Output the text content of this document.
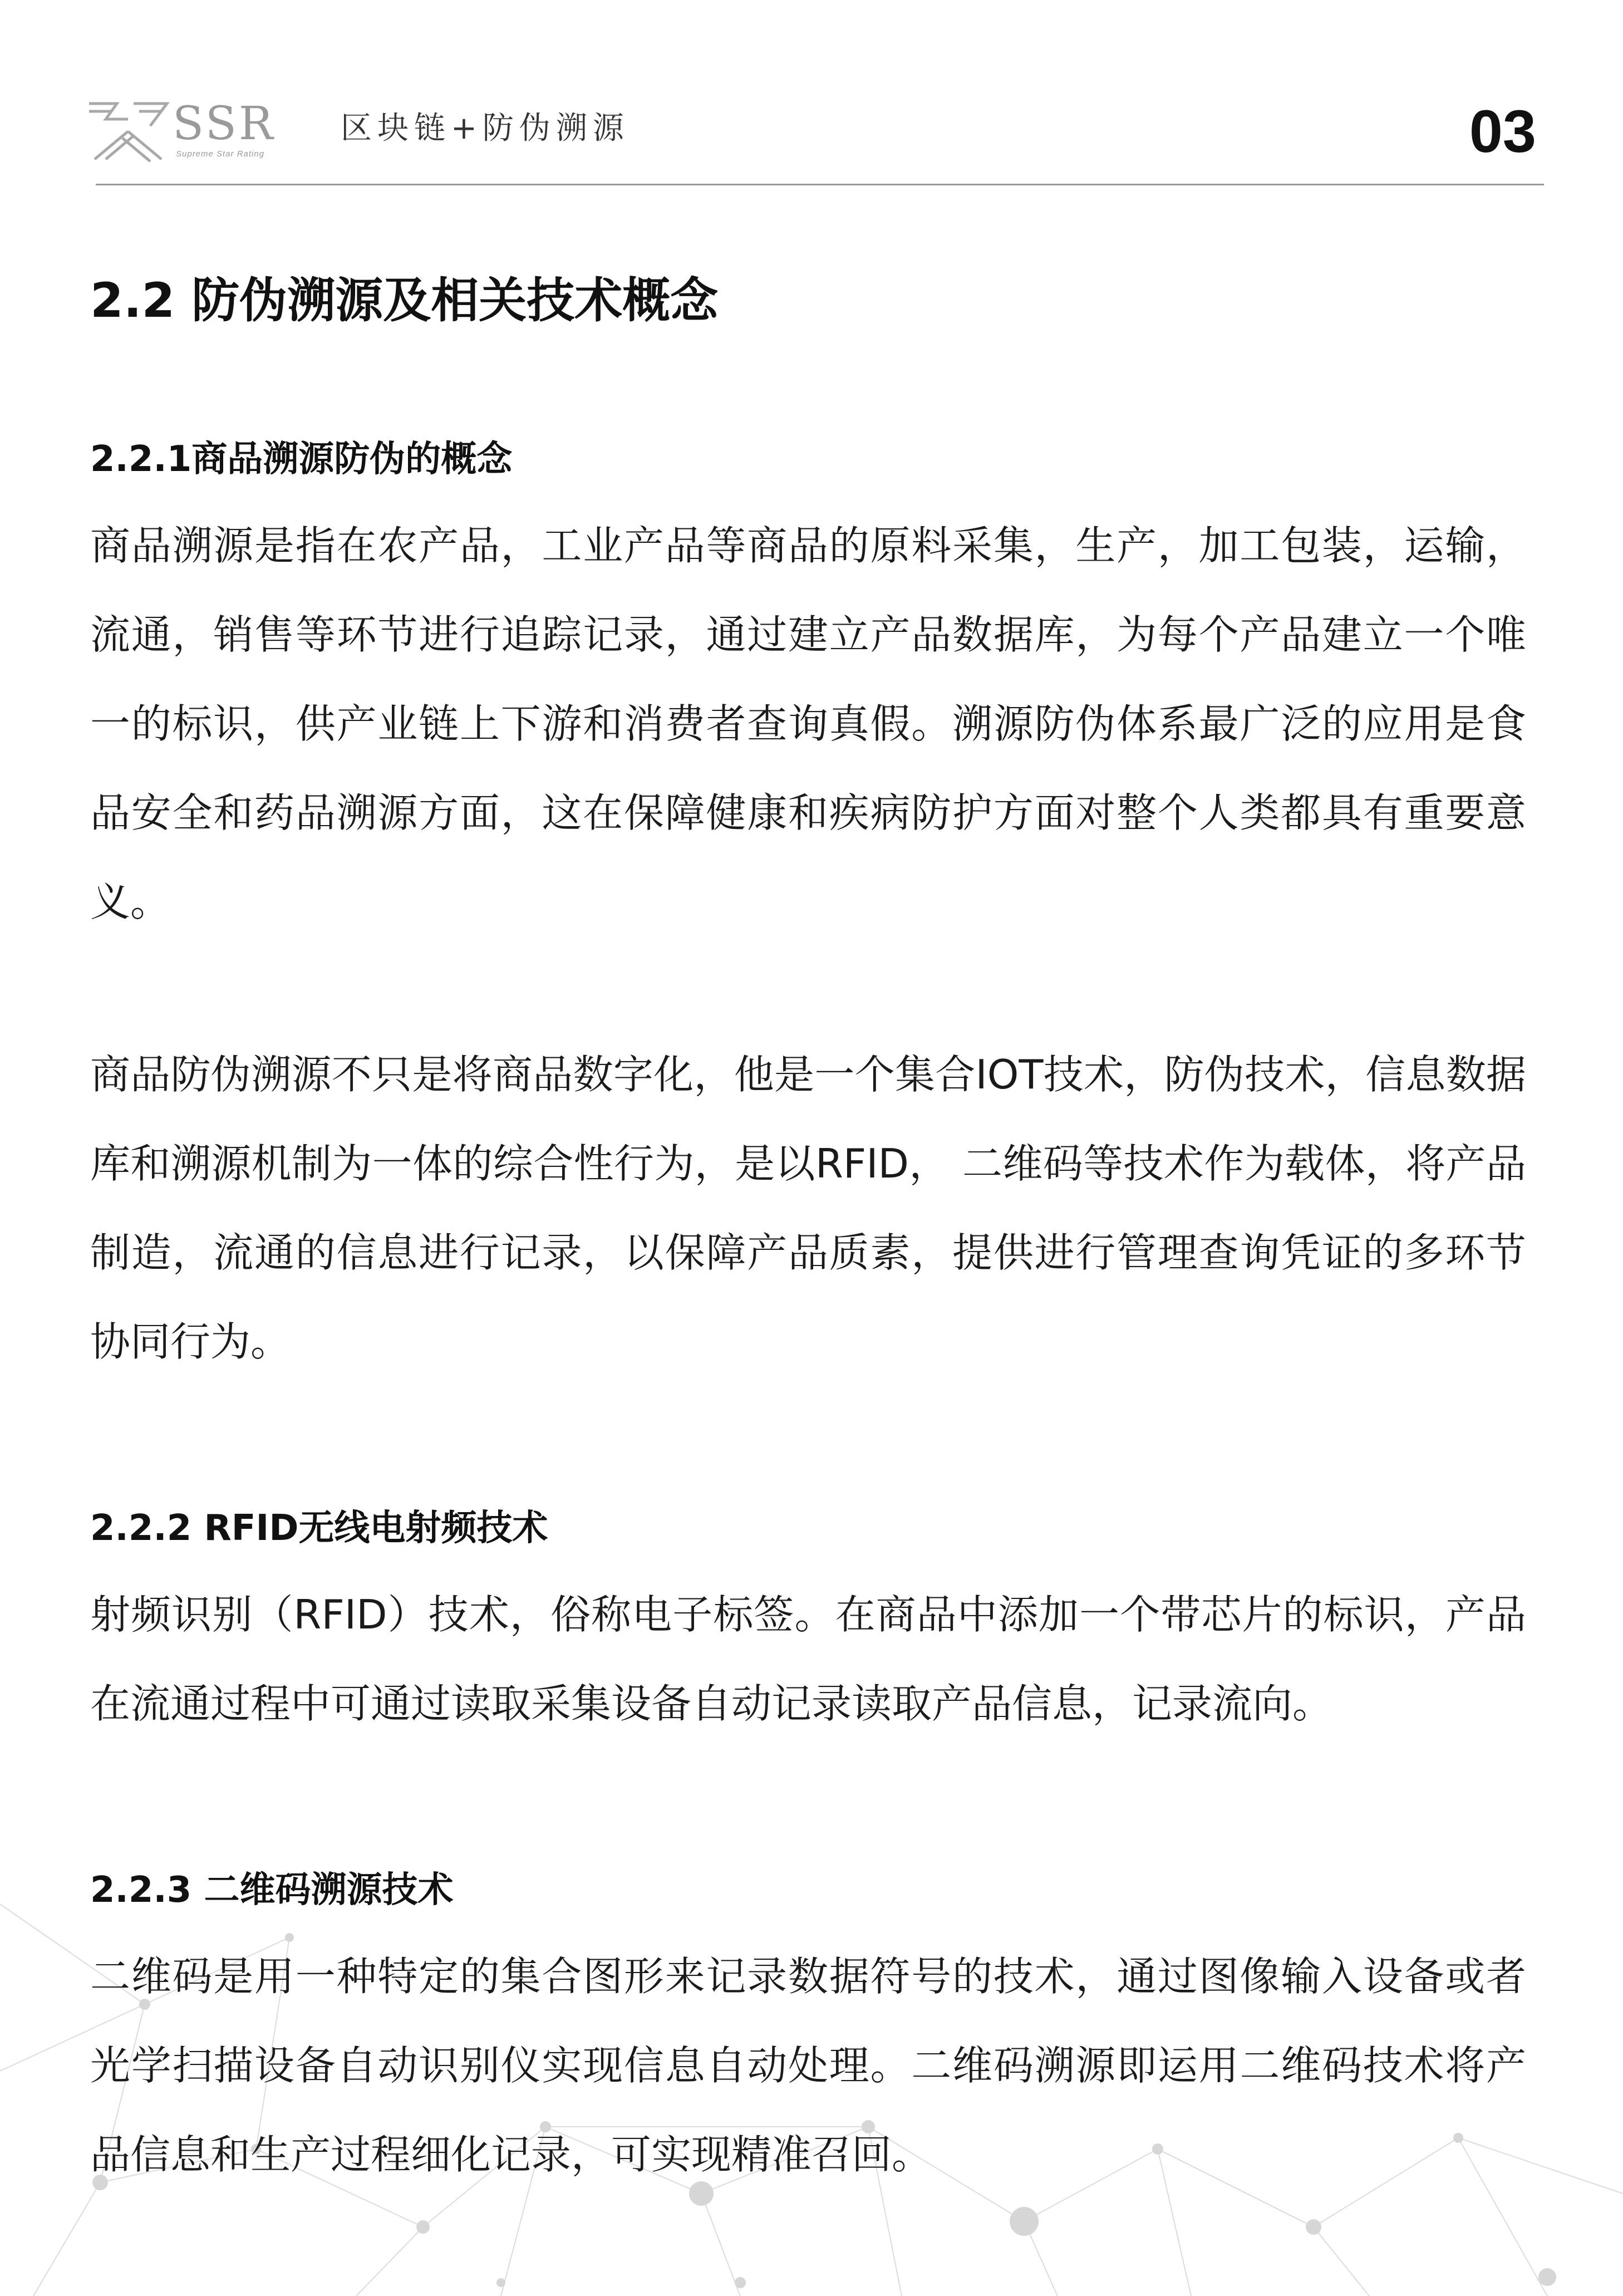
SSR
Supreme Star Rating
区块链+防伪溯源	03
2.2 防伪溯源及相关技术概念
2.2.1商品溯源防伪的概念

商品溯源是指在农产品，工业产品等商品的原料采集，生产，加工包装，运输，流通，销售等环节进行追踪记录，通过建立产品数据库，为每个产品建立一个唯一的标识，供产业链上下游和消费者查询真假。溯源防伪体系最广泛的应用是食品安全和药品溯源方面，这在保障健康和疾病防护方面对整个人类都具有重要意义。

商品防伪溯源不只是将商品数字化，他是一个集合IOT技术，防伪技术，信息数据库和溯源机制为一体的综合性行为，是以RFID， 二维码等技术作为载体，将产品制造，流通的信息进行记录，以保障产品质素，提供进行管理查询凭证的多环节协同行为。

2.2.2 RFID无线电射频技术

射频识别（RFID）技术，俗称电子标签。在商品中添加一个带芯片的标识，产品在流通过程中可通过读取采集设备自动记录读取产品信息，记录流向。

2.2.3 二维码溯源技术

二维码是用一种特定的集合图形来记录数据符号的技术，通过图像输入设备或者光学扫描设备自动识别仪实现信息自动处理。二维码溯源即运用二维码技术将产品信息和生产过程细化记录，可实现精准召回。
